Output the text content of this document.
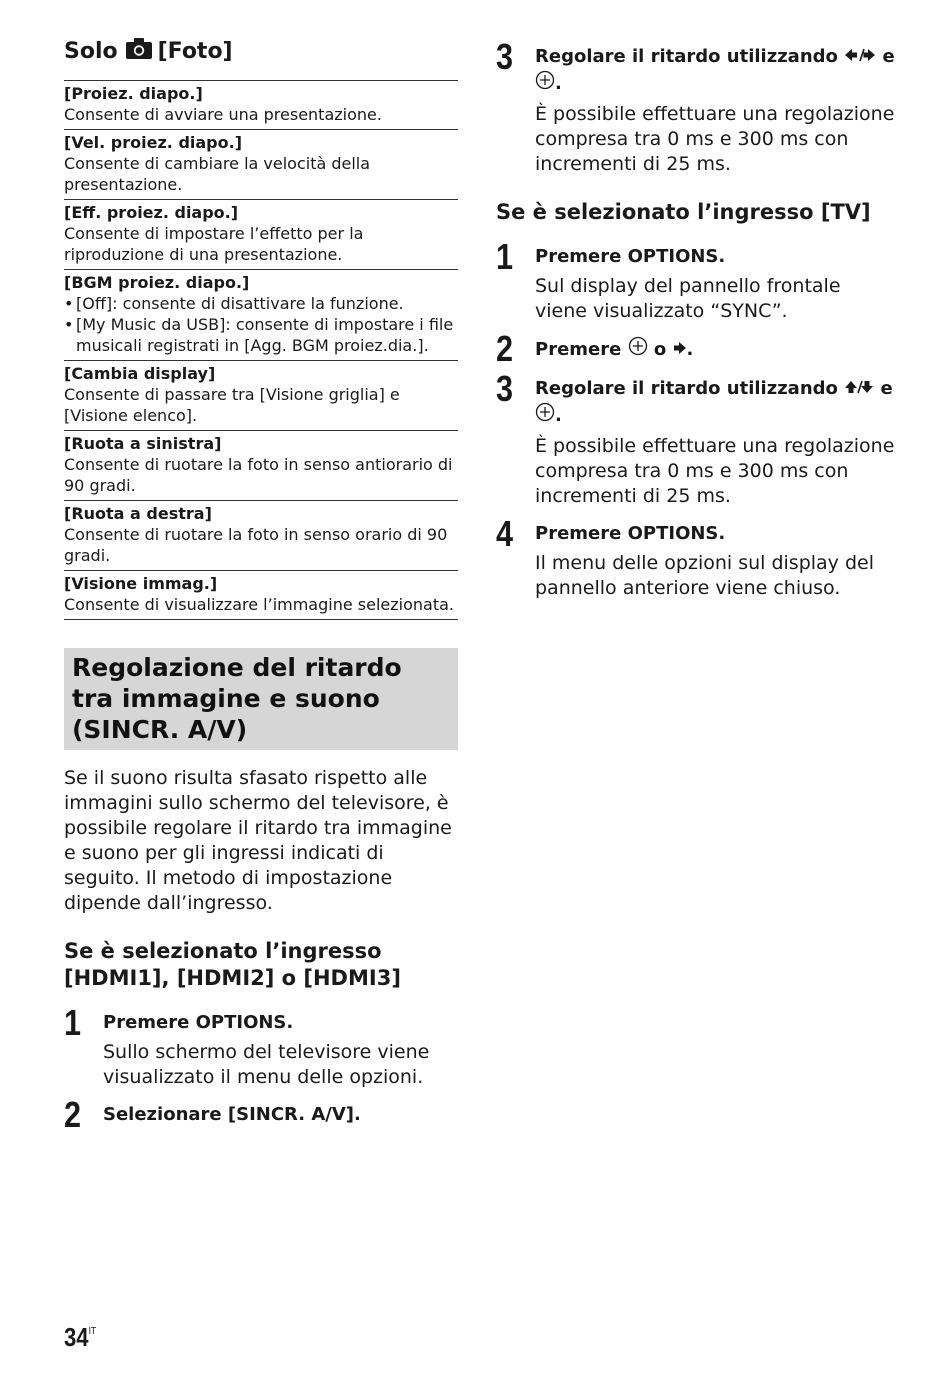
Solo [Foto]
[Proiez. diapo.]
Consente di avviare una presentazione.
[Vel. proiez. diapo.]
Consente di cambiare la velocità della presentazione.
[Eff. proiez. diapo.]
Consente di impostare l’effetto per la riproduzione di una presentazione.
[BGM proiez. diapo.]
• [Off]: consente di disattivare la funzione.
• [My Music da USB]: consente di impostare i file musicali registrati in [Agg. BGM proiez.dia.].
[Cambia display]
Consente di passare tra [Visione griglia] e [Visione elenco].
[Ruota a sinistra]
Consente di ruotare la foto in senso antiorario di 90 gradi.
[Ruota a destra]
Consente di ruotare la foto in senso orario di 90 gradi.
[Visione immag.]
Consente di visualizzare l’immagine selezionata.
Regolazione del ritardo tra immagine e suono (SINCR. A/V)
Se il suono risulta sfasato rispetto alle immagini sullo schermo del televisore, è possibile regolare il ritardo tra immagine e suono per gli ingressi indicati di seguito. Il metodo di impostazione dipende dall’ingresso.
Se è selezionato l’ingresso [HDMI1], [HDMI2] o [HDMI3]
1 Premere OPTIONS.
Sullo schermo del televisore viene visualizzato il menu delle opzioni.
2 Selezionare [SINCR. A/V].
3 Regolare il ritardo utilizzando e
.
È possibile effettuare una regolazione compresa tra 0 ms e 300 ms con incrementi di 25 ms.
Se è selezionato l’ingresso [TV]
1 Premere OPTIONS.
Sul display del pannello frontale viene visualizzato “SYNC”.
2 Premere o .
3 Regolare il ritardo utilizzando e
.
È possibile effettuare una regolazione compresa tra 0 ms e 300 ms con incrementi di 25 ms.
4 Premere OPTIONS.
Il menu delle opzioni sul display del pannello anteriore viene chiuso.
$34^{IT}$
